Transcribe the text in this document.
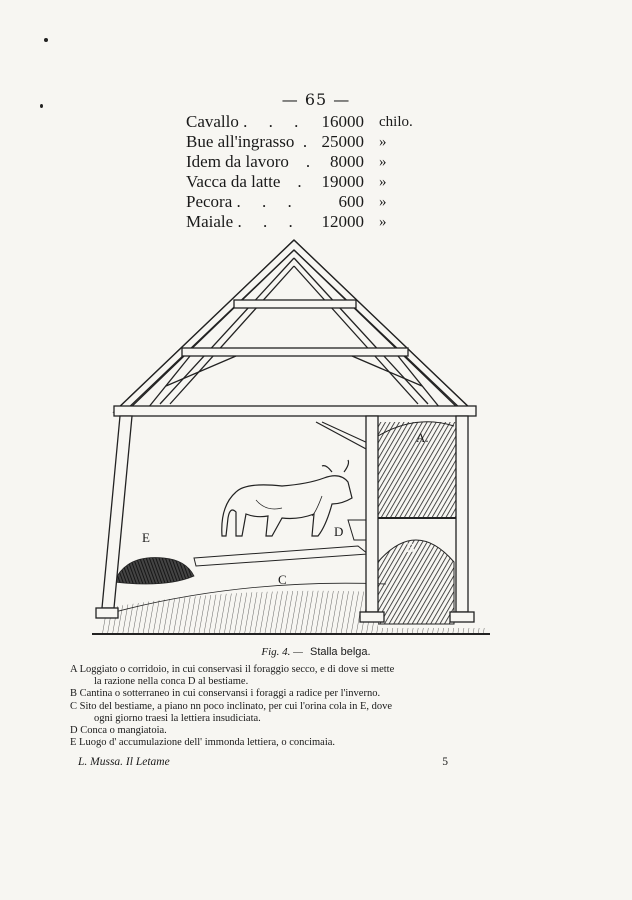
— 65 —
Cavallo .     .     . 16000 chilo.
Bue all'ingrasso  . 25000 »
Idem da lavoro    . 8000 »
Vacca da latte    . 19000 »
Pecora .     .     .	600 »
Maiale .     .     . 12000 »
A.
B
C
D
E
Fig. 4. — Stalla belga.

A Loggiato o corridoio, in cui conservasi il foraggio secco, e di dove si mette
la razione nella conca D al bestiame.

B Cantina o sotterraneo in cui conservansi i foraggi a radice per l'inverno.

C Sito del bestiame, a piano nn poco inclinato, per cui l'orina cola in E, dove
ogni giorno traesi la lettiera insudiciata.

D Conca o mangiatoia.

E Luogo d' accumulazione dell' immonda lettiera, o concimaia.

L. Mussa. Il Letame	5
